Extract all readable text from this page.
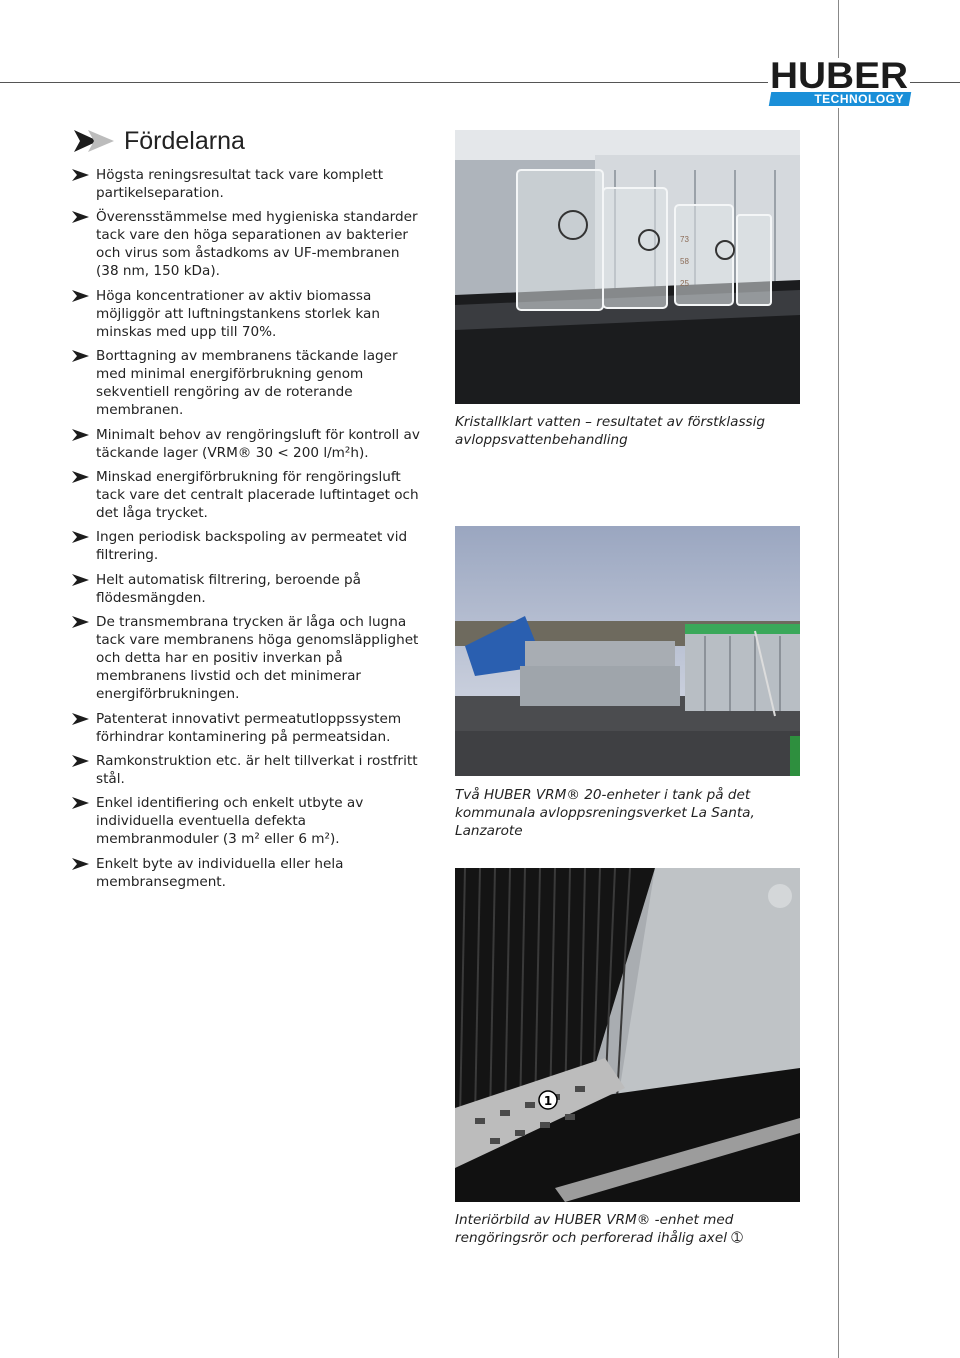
HUBER
TECHNOLOGY
Fördelarna
Högsta reningsresultat tack vare komplett partikelseparation.
Överensstämmelse med hygieniska standarder tack vare den höga separationen av bakterier och virus som åstadkoms av UF-membranen (38 nm, 150 kDa).
Höga koncentrationer av aktiv biomassa möjliggör att luftningstankens storlek kan minskas med upp till 70%.
Borttagning av membranens täckande lager med minimal energiförbrukning genom sekventiell rengöring av de roterande membranen.
Minimalt behov av rengöringsluft för kontroll av täckande lager (VRM® 30 < 200 l/m²h).
Minskad energiförbrukning för rengöringsluft tack vare det centralt placerade luftintaget och det låga trycket.
Ingen periodisk backspoling av permeatet vid filtrering.
Helt automatisk filtrering, beroende på flödesmängden.
De transmembrana trycken är låga och lugna tack vare membranens höga genomsläpplighet och detta har en positiv inverkan på membranens livstid och det minimerar energiförbrukningen.
Patenterat innovativt permeatutloppssystem förhindrar kontaminering på permeatsidan.
Ramkonstruktion etc. är helt tillverkat i rostfritt stål.
Enkel identifiering och enkelt utbyte av individuella eventuella defekta membranmoduler (3 m² eller 6 m²).
Enkelt byte av individuella eller hela membransegment.
73
58
25
Kristallklart vatten – resultatet av förstklassig avloppsvattenbehandling
Två HUBER VRM® 20-enheter i tank på det kommunala avloppsreningsverket La Santa, Lanzarote
1
Interiörbild av HUBER VRM® -enhet med rengöringsrör och perforerad ihålig axel ➀
